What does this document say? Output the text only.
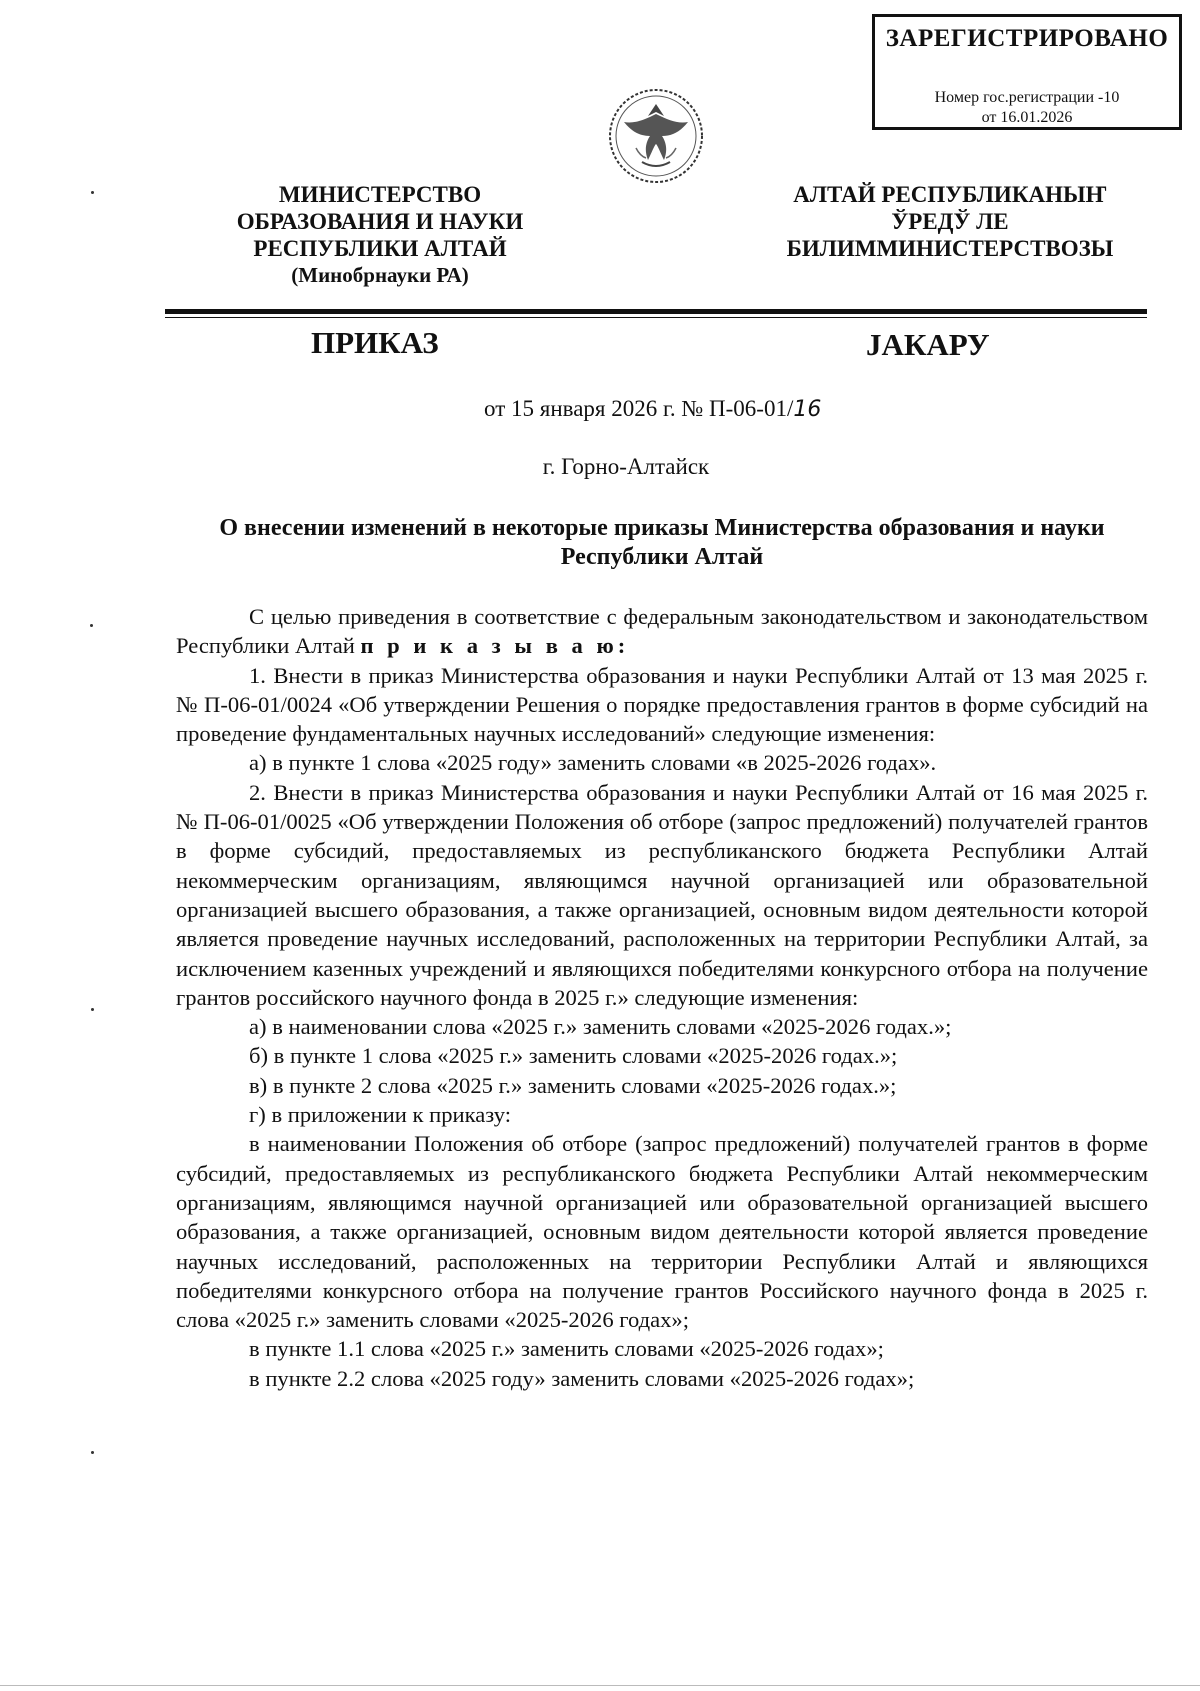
ЗАРЕГИСТРИРОВАНО
Номер гос.регистрации -10
от 16.01.2026
МИНИСТЕРСТВО
ОБРАЗОВАНИЯ И НАУКИ
РЕСПУБЛИКИ АЛТАЙ
(Минобрнауки РА)
АЛТАЙ РЕСПУБЛИКАНЫҤ
ЎРЕДЎ ЛЕ
БИЛИММИНИСТЕРСТВОЗЫ
ПРИКАЗ	JАКАРУ
от 15 января 2026 г. № П-06-01/16
г. Горно-Алтайск
О внесении изменений в некоторые приказы Министерства образования и науки
Республики Алтай

С целью приведения в соответствие с федеральным законодательством и законодательством Республики Алтай п р и к а з ы в а ю:

1. Внести в приказ Министерства образования и науки Республики Алтай от 13 мая 2025 г. № П-06-01/0024 «Об утверждении Решения о порядке предоставления грантов в форме субсидий на проведение фундаментальных научных исследований» следующие изменения:

а) в пункте 1 слова «2025 году» заменить словами «в 2025-2026 годах».

2. Внести в приказ Министерства образования и науки Республики Алтай от 16 мая 2025 г. № П-06-01/0025 «Об утверждении Положения об отборе (запрос предложений) получателей грантов в форме субсидий, предоставляемых из республиканского бюджета Республики Алтай некоммерческим организациям, являющимся научной организацией или образовательной организацией высшего образования, а также организацией, основным видом деятельности которой является проведение научных исследований, расположенных на территории Республики Алтай, за исключением казенных учреждений и являющихся победителями конкурсного отбора на получение грантов российского научного фонда в 2025 г.» следующие изменения:

а) в наименовании слова «2025 г.» заменить словами «2025-2026 годах.»;

б) в пункте 1 слова «2025 г.» заменить словами «2025-2026 годах.»;

в) в пункте 2 слова «2025 г.» заменить словами «2025-2026 годах.»;

г) в приложении к приказу:

в наименовании Положения об отборе (запрос предложений) получателей грантов в форме субсидий, предоставляемых из республиканского бюджета Республики Алтай некоммерческим организациям, являющимся научной организацией или образовательной организацией высшего образования, а также организацией, основным видом деятельности которой является проведение научных исследований, расположенных на территории Республики Алтай и являющихся победителями конкурсного отбора на получение грантов Российского научного фонда в 2025 г. слова «2025 г.» заменить словами «2025-2026 годах»;

в пункте 1.1 слова «2025 г.» заменить словами «2025-2026 годах»;

в пункте 2.2 слова «2025 году» заменить словами «2025-2026 годах»;
